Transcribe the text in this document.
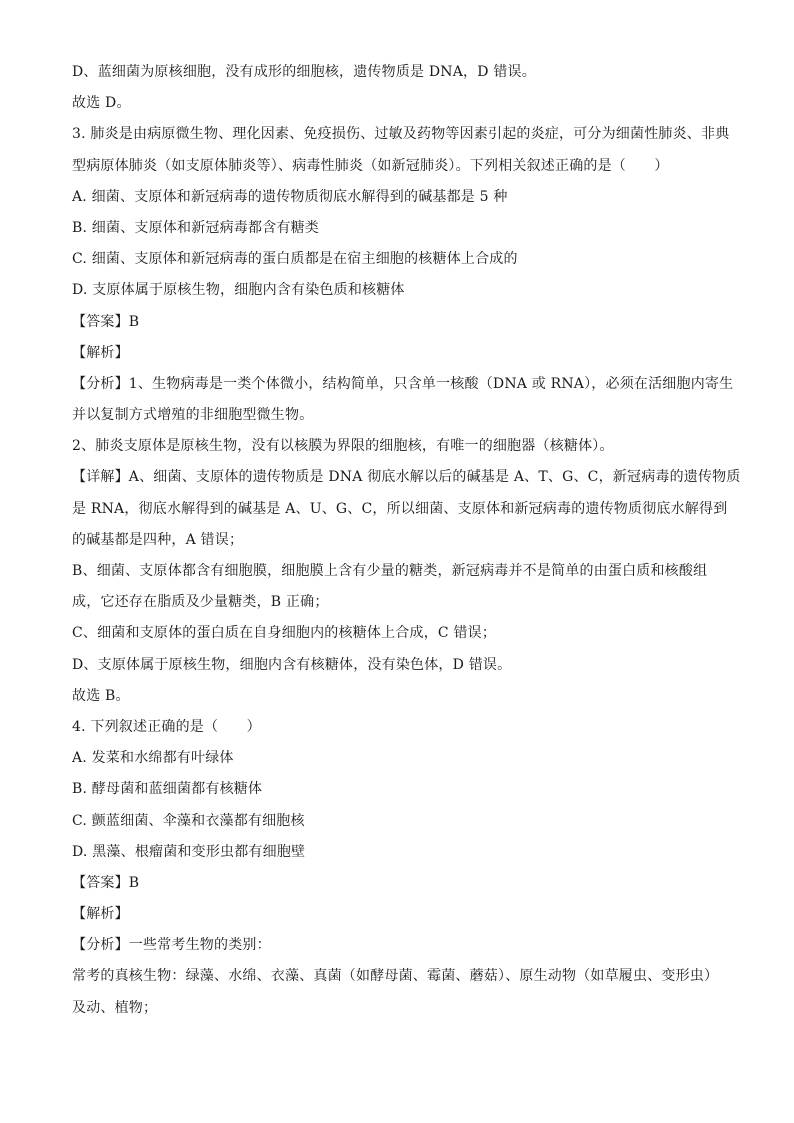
D、蓝细菌为原核细胞，没有成形的细胞核，遗传物质是 DNA，D 错误。
故选 D。
3. 肺炎是由病原微生物、理化因素、免疫损伤、过敏及药物等因素引起的炎症，可分为细菌性肺炎、非典
型病原体肺炎（如支原体肺炎等）、病毒性肺炎（如新冠肺炎）。下列相关叙述正确的是（　　）
A. 细菌、支原体和新冠病毒的遗传物质彻底水解得到的碱基都是 5 种
B. 细菌、支原体和新冠病毒都含有糖类
C. 细菌、支原体和新冠病毒的蛋白质都是在宿主细胞的核糖体上合成的
D. 支原体属于原核生物，细胞内含有染色质和核糖体
【答案】B
【解析】
【分析】1、生物病毒是一类个体微小，结构简单，只含单一核酸（DNA 或 RNA），必须在活细胞内寄生
并以复制方式增殖的非细胞型微生物。
2、肺炎支原体是原核生物，没有以核膜为界限的细胞核，有唯一的细胞器（核糖体）。
【详解】A、细菌、支原体的遗传物质是 DNA 彻底水解以后的碱基是 A、T、G、C，新冠病毒的遗传物质
是 RNA，彻底水解得到的碱基是 A、U、G、C，所以细菌、支原体和新冠病毒的遗传物质彻底水解得到
的碱基都是四种，A 错误；
B、细菌、支原体都含有细胞膜，细胞膜上含有少量的糖类，新冠病毒并不是简单的由蛋白质和核酸组
成，它还存在脂质及少量糖类，B 正确；
C、细菌和支原体的蛋白质在自身细胞内的核糖体上合成，C 错误；
D、支原体属于原核生物，细胞内含有核糖体，没有染色体，D 错误。
故选 B。
4. 下列叙述正确的是（　　）
A. 发菜和水绵都有叶绿体
B. 酵母菌和蓝细菌都有核糖体
C. 颤蓝细菌、伞藻和衣藻都有细胞核
D. 黑藻、根瘤菌和变形虫都有细胞壁
【答案】B
【解析】
【分析】一些常考生物的类别：
常考的真核生物：绿藻、水绵、衣藻、真菌（如酵母菌、霉菌、蘑菇）、原生动物（如草履虫、变形虫）
及动、植物；
